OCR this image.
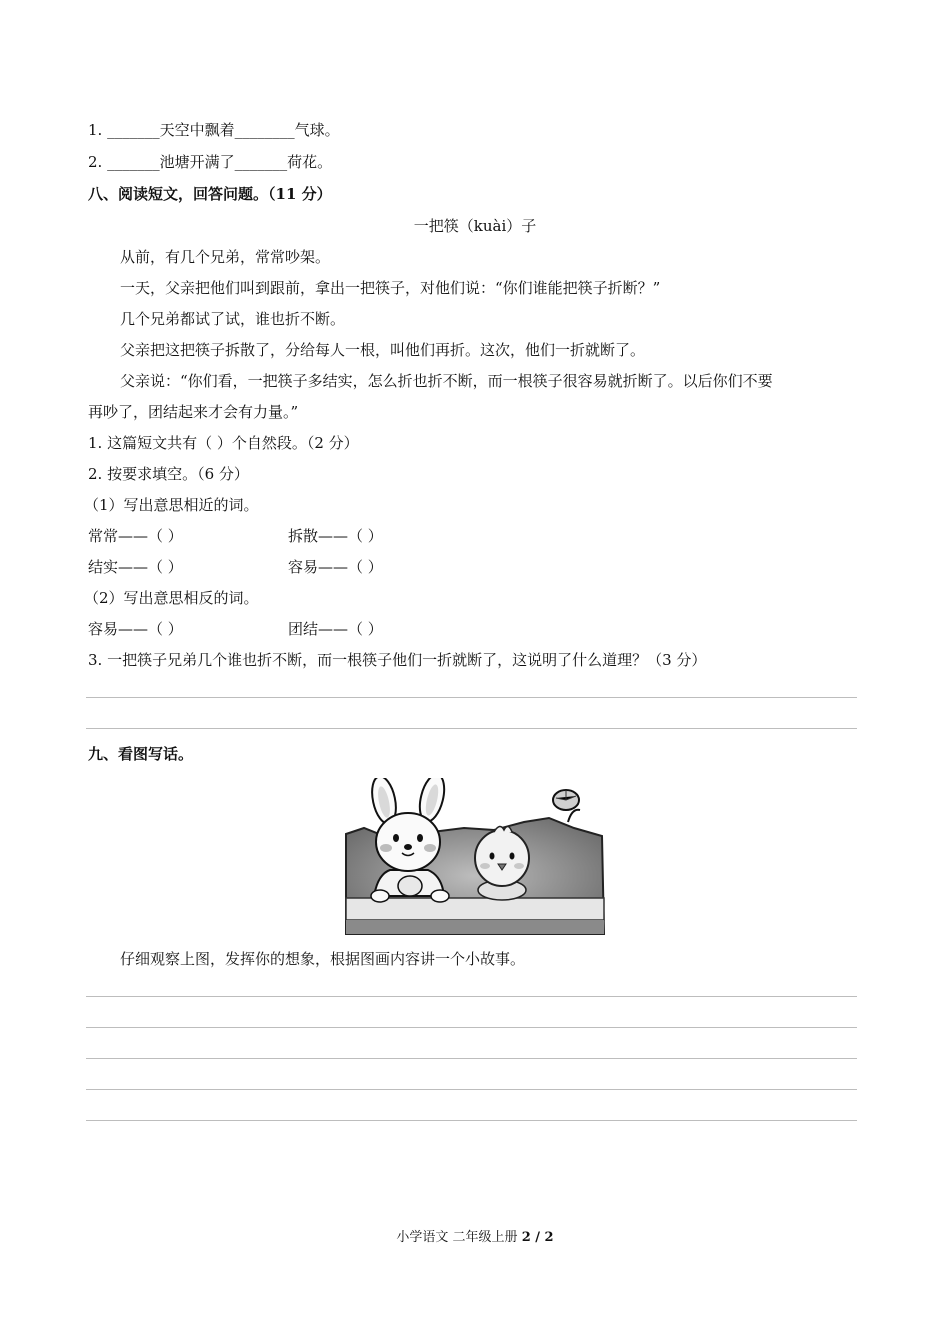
1. _______天空中飘着________气球。
2. _______池塘开满了_______荷花。
八、阅读短文，回答问题。（11 分）
一把筷（kuài）子
从前，有几个兄弟，常常吵架。
一天，父亲把他们叫到跟前，拿出一把筷子，对他们说：“你们谁能把筷子折断？”
几个兄弟都试了试，谁也折不断。
父亲把这把筷子拆散了，分给每人一根，叫他们再折。这次，他们一折就断了。
父亲说：“你们看，一把筷子多结实，怎么折也折不断，而一根筷子很容易就折断了。以后你们不要
再吵了，团结起来才会有力量。”
1. 这篇短文共有（ ）个自然段。（2 分）
2. 按要求填空。（6 分）
（1）写出意思相近的词。
常常——（ ）	拆散——（ ）
结实——（ ）	容易——（ ）
（2）写出意思相反的词。
容易——（ ）	团结——（ ）
3. 一把筷子兄弟几个谁也折不断，而一根筷子他们一折就断了，这说明了什么道理？（3 分）
九、看图写话。
仔细观察上图，发挥你的想象，根据图画内容讲一个小故事。
小学语文 二年级上册 2 / 2
